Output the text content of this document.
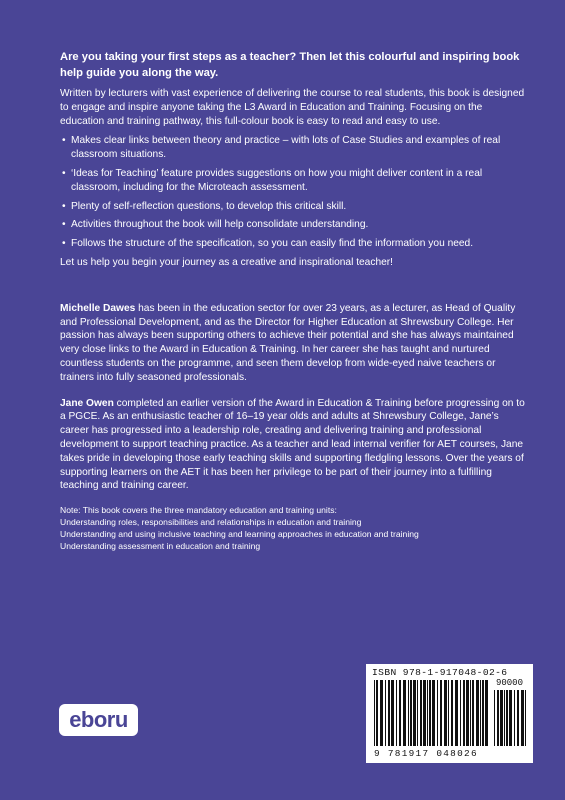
Are you taking your first steps as a teacher? Then let this colourful and inspiring book help guide you along the way.

Written by lecturers with vast experience of delivering the course to real students, this book is designed to engage and inspire anyone taking the L3 Award in Education and Training. Focusing on the education and training pathway, this full-colour book is easy to read and easy to use.

• Makes clear links between theory and practice – with lots of Case Studies and examples of real classroom situations.
• ‘Ideas for Teaching’ feature provides suggestions on how you might deliver content in a real classroom, including for the Microteach assessment.
• Plenty of self-reflection questions, to develop this critical skill.
• Activities throughout the book will help consolidate understanding.
• Follows the structure of the specification, so you can easily find the information you need.

Let us help you begin your journey as a creative and inspirational teacher!

Michelle Dawes has been in the education sector for over 23 years, as a lecturer, as Head of Quality and Professional Development, and as the Director for Higher Education at Shrewsbury College. Her passion has always been supporting others to achieve their potential and she has always maintained very close links to the Award in Education & Training. In her career she has taught and nurtured countless students on the programme, and seen them develop from wide-eyed naive teachers or trainers into fully seasoned professionals.

Jane Owen completed an earlier version of the Award in Education & Training before progressing on to a PGCE. As an enthusiastic teacher of 16–19 year olds and adults at Shrewsbury College, Jane’s career has progressed into a leadership role, creating and delivering training and professional development to support teaching practice. As a teacher and lead internal verifier for AET courses, Jane takes pride in developing those early teaching skills and supporting fledgling lessons. Over the years of supporting learners on the AET it has been her privilege to be part of their journey into a fulfilling teaching and training career.

Note: This book covers the three mandatory education and training units:

Understanding roles, responsibilities and relationships in education and training

Understanding and using inclusive teaching and learning approaches in education and training

Understanding assessment in education and training

eboru
ISBN 978-1-917048-02-6
90000
9 781917 048026
